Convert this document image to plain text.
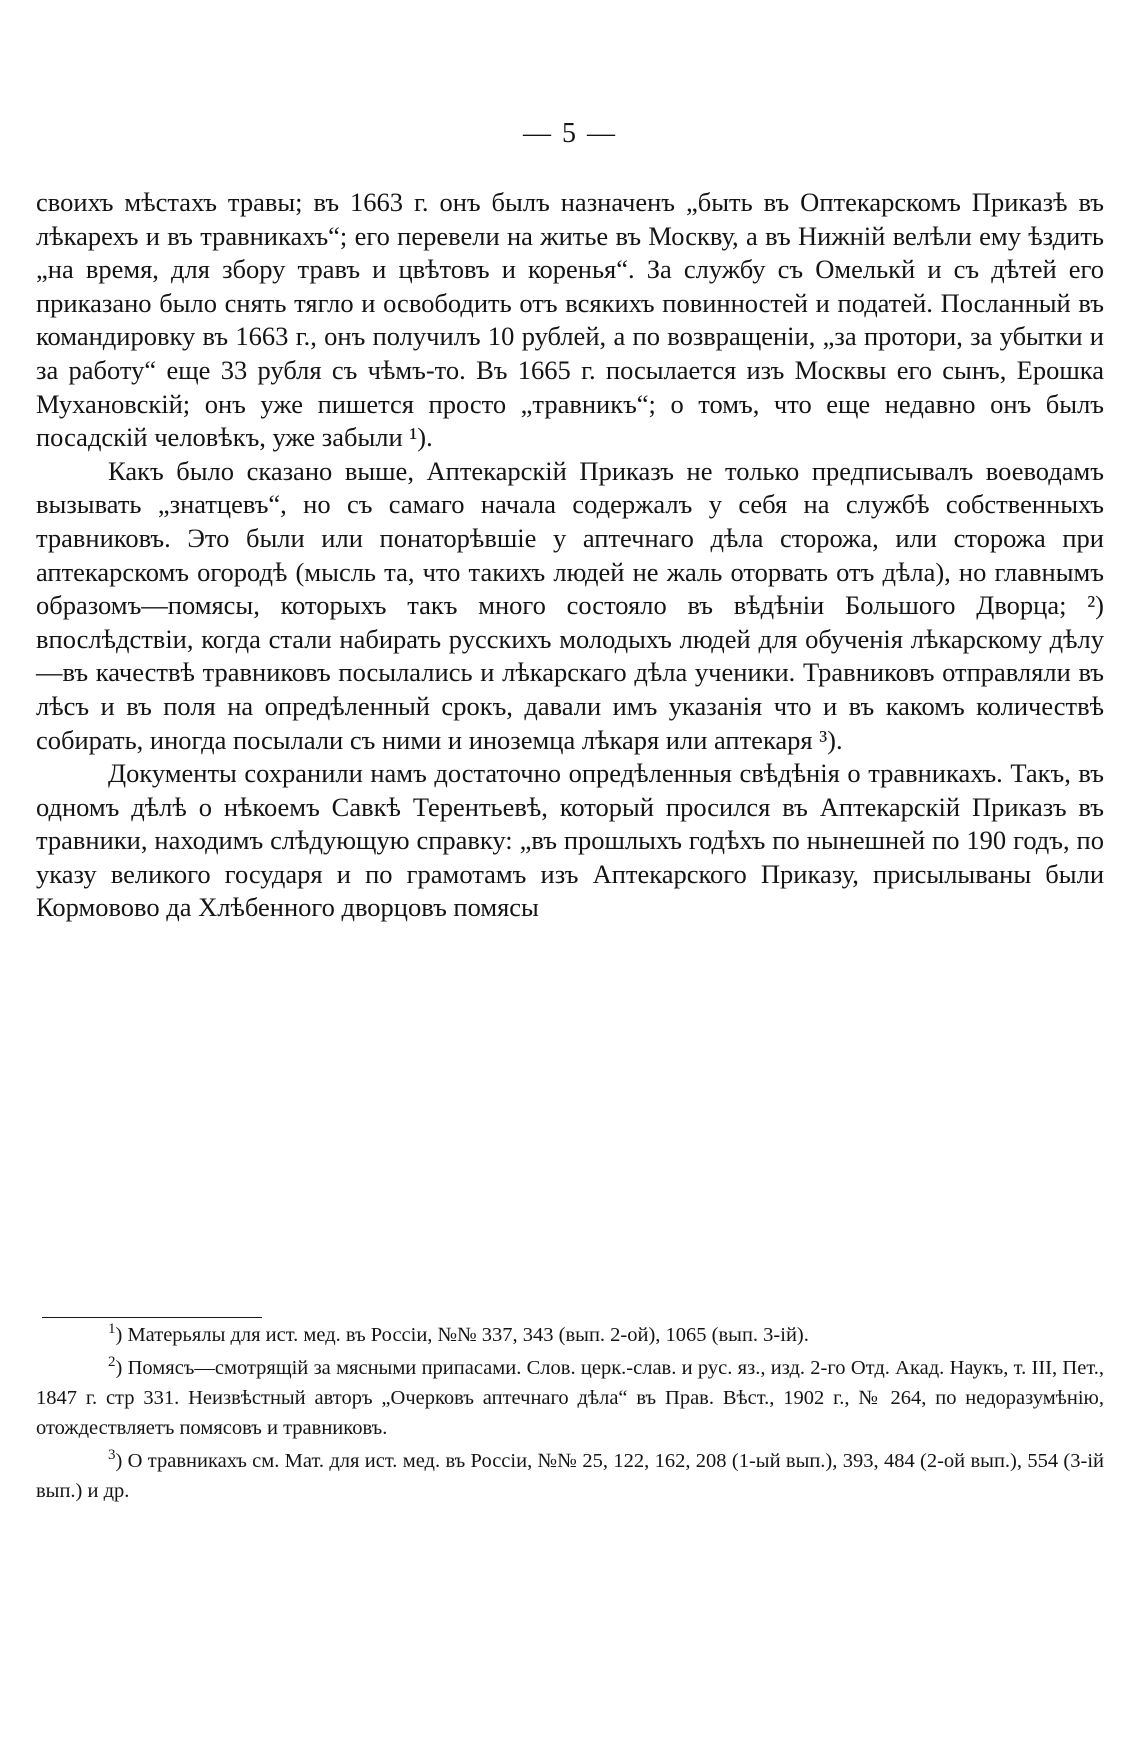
— 5 —

своихъ мѣстахъ травы; въ 1663 г. онъ былъ назначенъ „быть въ Оптекарскомъ Приказѣ въ лѣкарехъ и въ травникахъ“; его перевели на житье въ Москву, а въ Нижній велѣли ему ѣздить „на время, для збору травъ и цвѣтовъ и коренья“. За службу съ Омелькй и съ дѣтей его приказано было снять тягло и освободить отъ всякихъ повинностей и податей. Посланный въ командировку въ 1663 г., онъ получилъ 10 рублей, а по возвращеніи, „за протори, за убытки и за работу“ еще 33 рубля съ чѣмъ-то. Въ 1665 г. посылается изъ Москвы его сынъ, Ерошка Мухановскій; онъ уже пишется просто „травникъ“; о томъ, что еще недавно онъ былъ посадскій человѣкъ, уже забыли ¹).

Какъ было сказано выше, Аптекарскій Приказъ не только предписывалъ воеводамъ вызывать „знатцевъ“, но съ самаго начала содержалъ у себя на службѣ собственныхъ травниковъ. Это были или понаторѣвшіе у аптечнаго дѣла сторожа, или сторожа при аптекарскомъ огородѣ (мысль та, что такихъ людей не жаль оторвать отъ дѣла), но главнымъ образомъ—помясы, которыхъ такъ много состояло въ вѣдѣніи Большого Дворца; ²) впослѣдствіи, когда стали набирать русскихъ молодыхъ людей для обученія лѣкарскому дѣлу—въ качествѣ травниковъ посылались и лѣкарскаго дѣла ученики. Травниковъ отправляли въ лѣсъ и въ поля на опредѣленный срокъ, давали имъ указанія что и въ какомъ количествѣ собирать, иногда посылали съ ними и иноземца лѣкаря или аптекаря ³).

Документы сохранили намъ достаточно опредѣленныя свѣдѣнія о травникахъ. Такъ, въ одномъ дѣлѣ о нѣкоемъ Савкѣ Терентьевѣ, который просился въ Аптекарскій Приказъ въ травники, находимъ слѣдующую справку: „въ прошлыхъ годѣхъ по нынешней по 190 годъ, по указу великого государя и по грамотамъ изъ Аптекарского Приказу, присылываны были Кормовово да Хлѣбенного дворцовъ помясы

$^1$) Матерьялы для ист. мед. въ Россіи, №№ 337, 343 (вып. 2-ой), 1065 (вып. 3-ій).

$^2$) Помясъ—смотрящій за мясными припасами. Слов. церк.-слав. и рус. яз., изд. 2-го Отд. Акад. Наукъ, т. III, Пет., 1847 г. стр 331. Неизвѣстный авторъ „Очерковъ аптечнаго дѣла“ въ Прав. Вѣст., 1902 г., № 264, по недоразумѣнію, отождествляетъ помясовъ и травниковъ.

$^3$) О травникахъ см. Мат. для ист. мед. въ Россіи, №№ 25, 122, 162, 208 (1-ый вып.), 393, 484 (2-ой вып.), 554 (3-ій вып.) и др.
